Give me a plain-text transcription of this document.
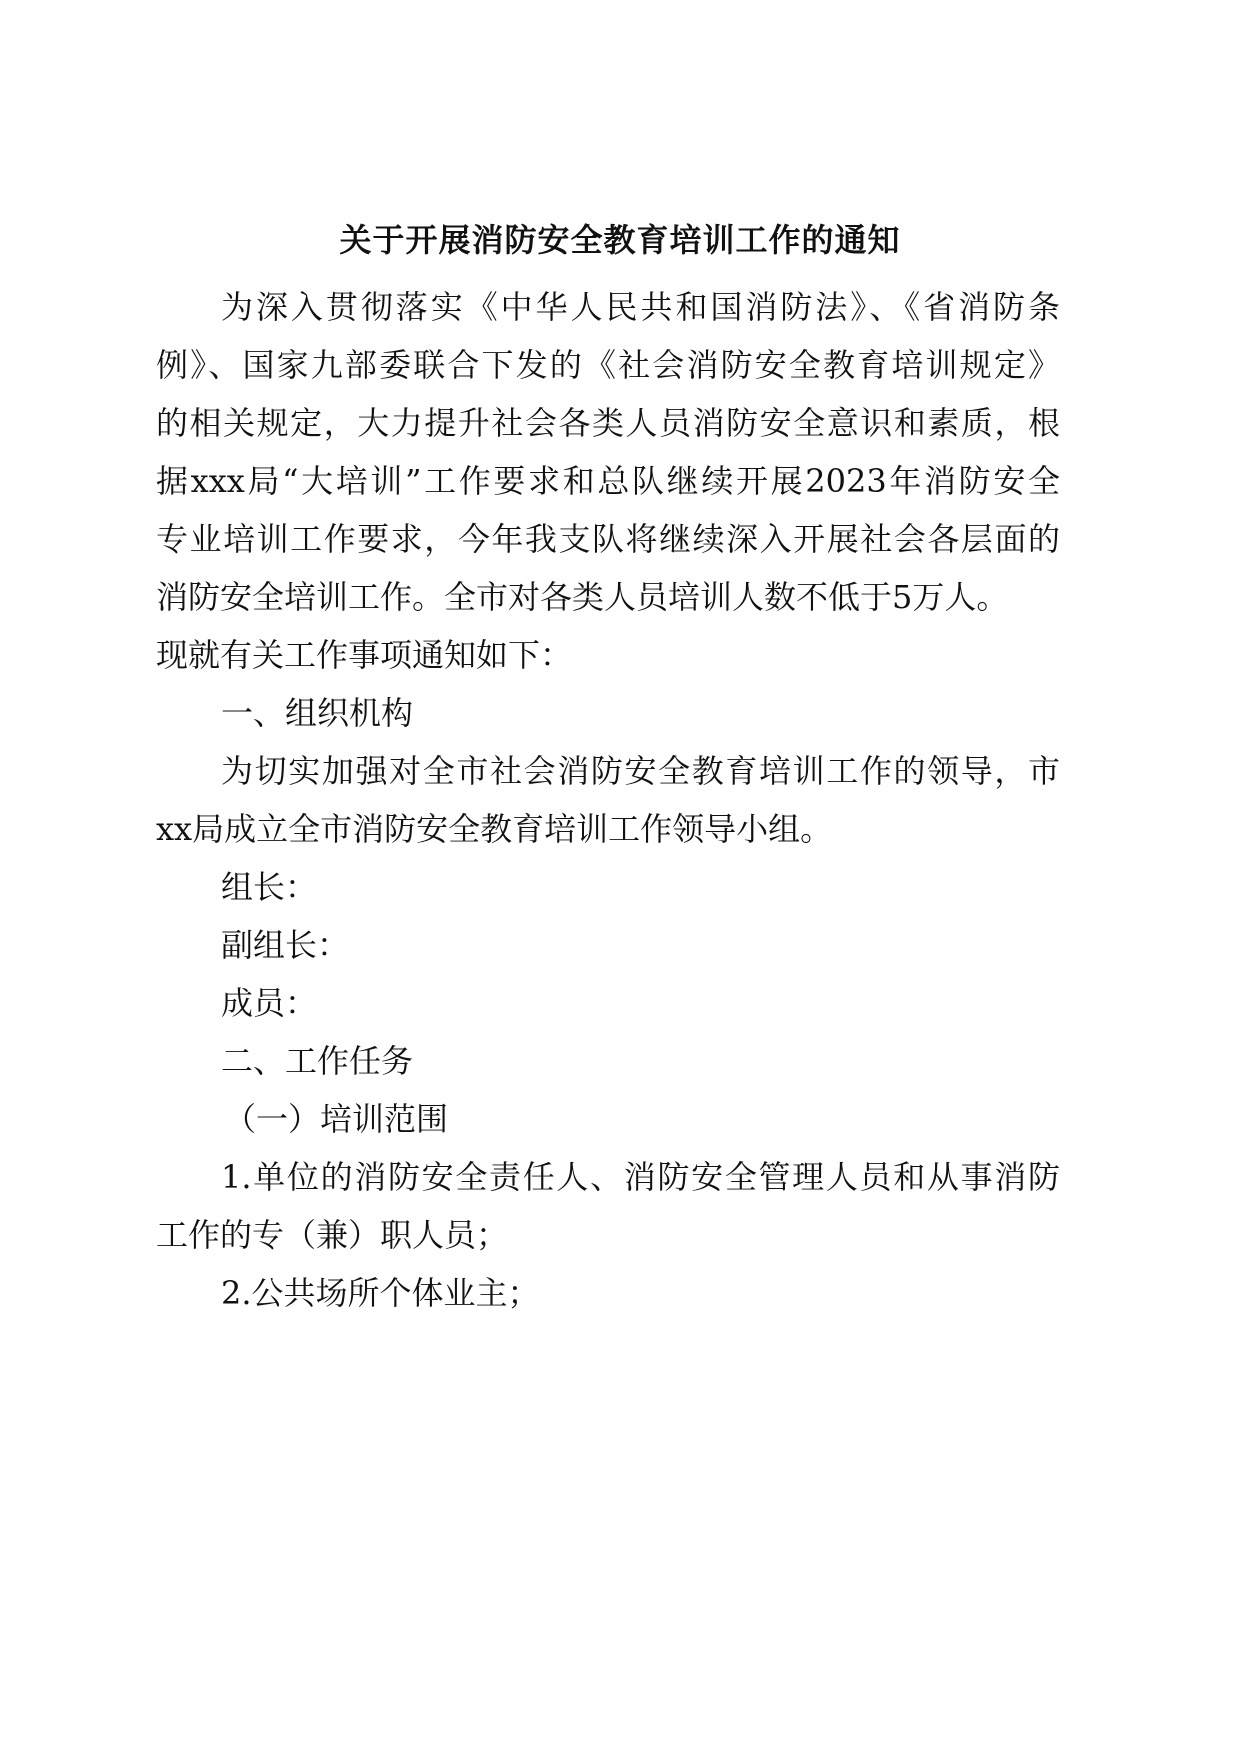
关于开展消防安全教育培训工作的通知
为深入贯彻落实《中华人民共和国消防法》、《省消防条
例》、国家九部委联合下发的《社会消防安全教育培训规定》
的相关规定，大力提升社会各类人员消防安全意识和素质，根
据xxx局“大培训”工作要求和总队继续开展2023年消防安全
专业培训工作要求，今年我支队将继续深入开展社会各层面的
消防安全培训工作。全市对各类人员培训人数不低于5万人。
现就有关工作事项通知如下：
一、组织机构
为切实加强对全市社会消防安全教育培训工作的领导，市
xx局成立全市消防安全教育培训工作领导小组。
组长：
副组长：
成员：
二、工作任务
（一）培训范围
1.单位的消防安全责任人、消防安全管理人员和从事消防
工作的专（兼）职人员；
2.公共场所个体业主；
